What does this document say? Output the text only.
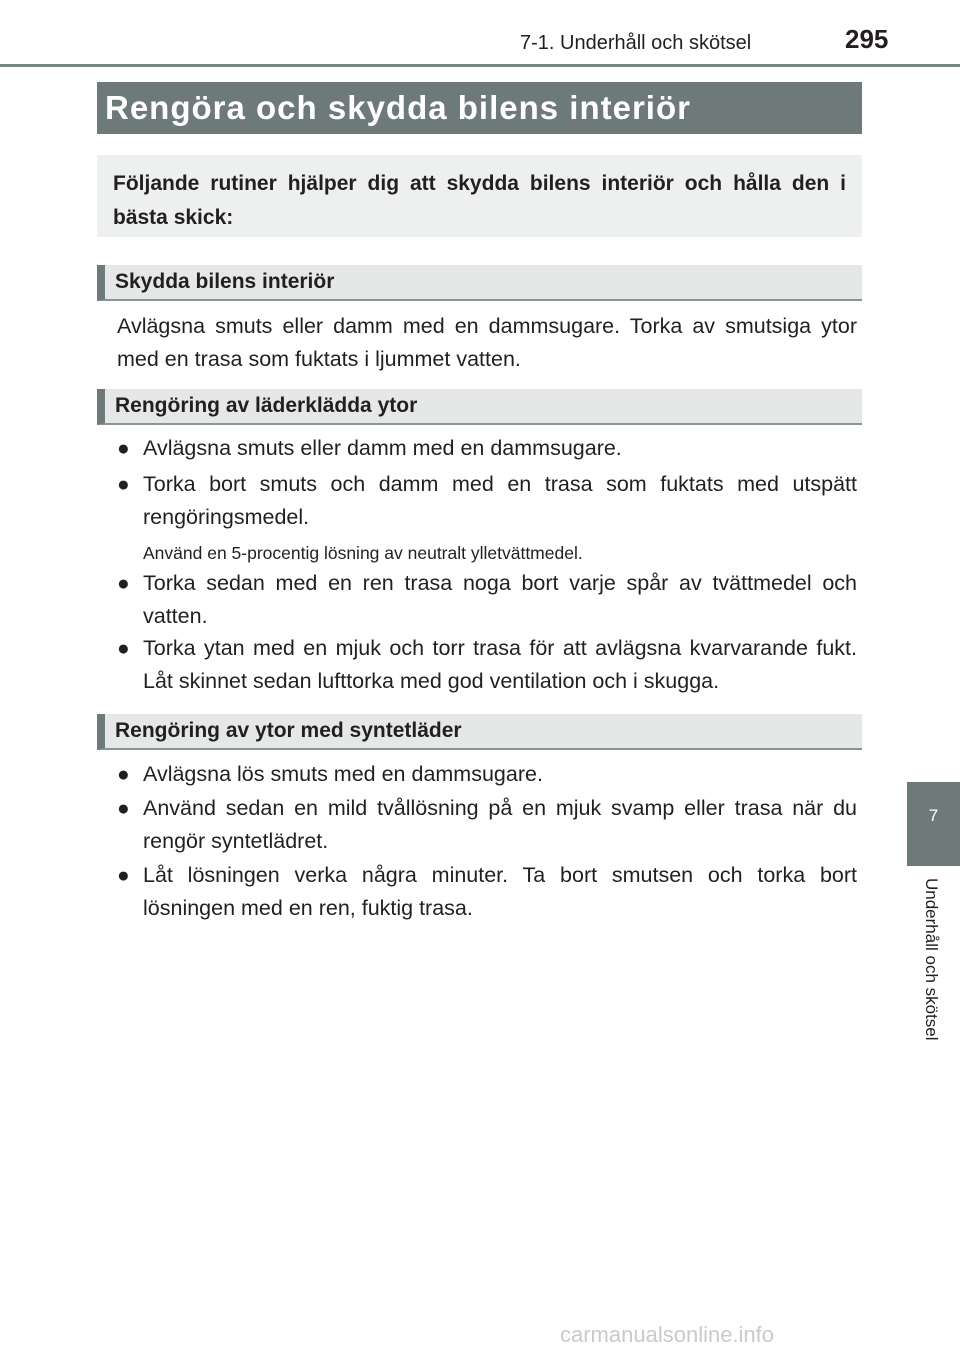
7-1. Underhåll och skötsel	295
Rengöra och skydda bilens interiör
Följande rutiner hjälper dig att skydda bilens interiör och hålla den i bästa skick:
Skydda bilens interiör
Avlägsna smuts eller damm med en dammsugare. Torka av smutsiga ytor med en trasa som fuktats i ljummet vatten.
Rengöring av läderklädda ytor
● Avlägsna smuts eller damm med en dammsugare.
● Torka bort smuts och damm med en trasa som fuktats med utspätt rengöringsmedel.
Använd en 5-procentig lösning av neutralt ylletvättmedel.
● Torka sedan med en ren trasa noga bort varje spår av tvättmedel och vatten.
● Torka ytan med en mjuk och torr trasa för att avlägsna kvarvarande fukt. Låt skinnet sedan lufttorka med god ventilation och i skugga.
Rengöring av ytor med syntetläder
● Avlägsna lös smuts med en dammsugare.
● Använd sedan en mild tvållösning på en mjuk svamp eller trasa när du rengör syntetlädret.
● Låt lösningen verka några minuter. Ta bort smutsen och torka bort lösningen med en ren, fuktig trasa.
7
Underhåll och skötsel
carmanualsonline.info
